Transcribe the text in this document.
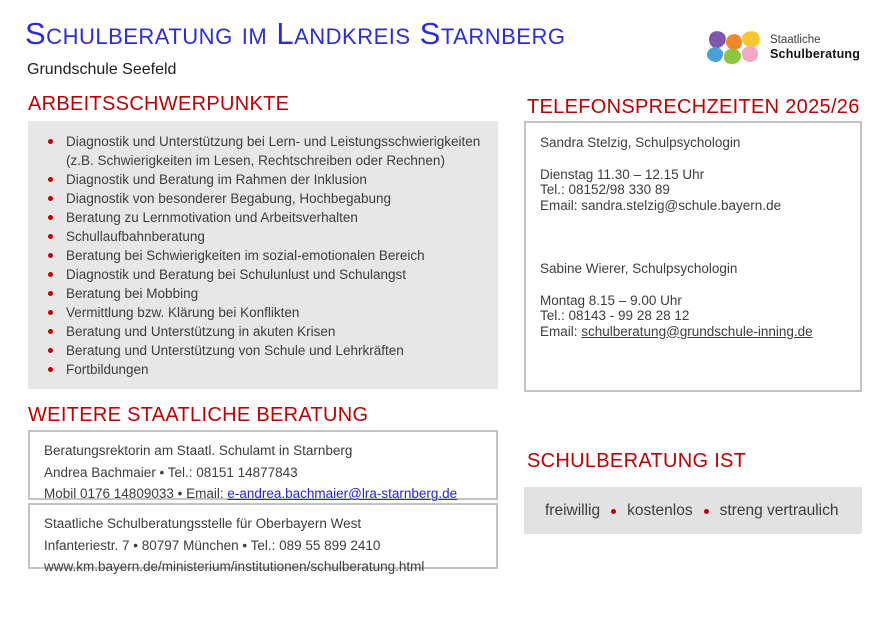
Schulberatung im Landkreis Starnberg
Grundschule Seefeld
Staatliche
Schulberatung
ARBEITSSCHWERPUNKTE	TELEFONSPRECHZEITEN 2025/26
WEITERE STAATLICHE BERATUNG
SCHULBERATUNG IST
Diagnostik und Unterstützung bei Lern- und Leistungsschwierigkeiten (z.B. Schwierigkeiten im Lesen, Rechtschreiben oder Rechnen)
Diagnostik und Beratung im Rahmen der Inklusion
Diagnostik von besonderer Begabung, Hochbegabung
Beratung zu Lernmotivation und Arbeitsverhalten
Schullaufbahnberatung
Beratung bei Schwierigkeiten im sozial-emotionalen Bereich
Diagnostik und Beratung bei Schulunlust und Schulangst
Beratung bei Mobbing
Vermittlung bzw. Klärung bei Konflikten
Beratung und Unterstützung in akuten Krisen
Beratung und Unterstützung von Schule und Lehrkräften
Fortbildungen
Sandra Stelzig, Schulpsychologin
Dienstag 11.30 – 12.15 Uhr
Tel.: 08152/98 330 89
Email: sandra.stelzig@schule.bayern.de
Sabine Wierer, Schulpsychologin
Montag 8.15 – 9.00 Uhr
Tel.: 08143 - 99 28 28 12
Email: schulberatung@grundschule-inning.de
Beratungsrektorin am Staatl. Schulamt in Starnberg
Andrea Bachmaier • Tel.: 08151 14877843
Mobil 0176 14809033 • Email: e-andrea.bachmaier@lra-starnberg.de
Staatliche Schulberatungsstelle für Oberbayern West
Infanteriestr. 7 • 80797 München • Tel.: 089 55 899 2410
www.km.bayern.de/ministerium/institutionen/schulberatung.html
freiwillig kostenlos streng vertraulich
